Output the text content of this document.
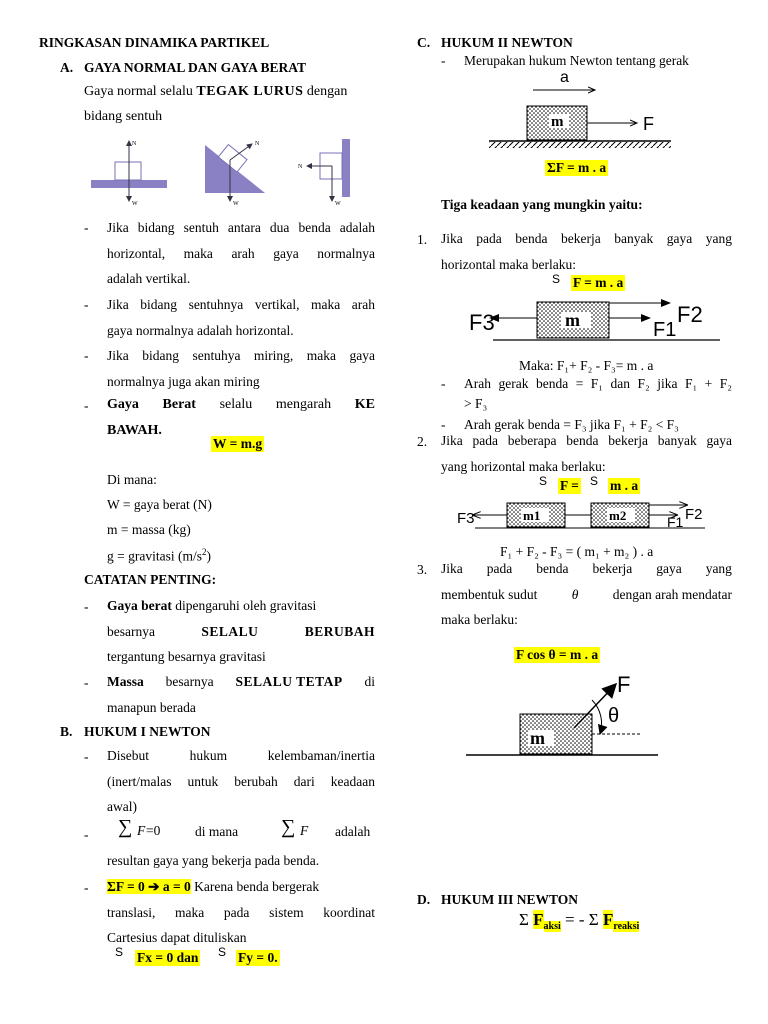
RINGKASAN DINAMIKA PARTIKEL
A. GAYA NORMAL DAN GAYA BERAT
Gaya normal selalu TEGAK LURUS dengan
bidang sentuh
N
W
N
W
N
W
- Jika bidang sentuh antara dua benda adalah
horizontal, maka arah gaya normalnya
adalah vertikal.
- Jika bidang sentuhnya vertikal, maka arah
gaya normalnya adalah horizontal.
- Jika bidang sentuhya miring, maka gaya
normalnya juga akan miring
- Gaya Berat selalu mengarah KE
BAWAH.
W = m.g
Di mana:
W = gaya berat (N)
m = massa (kg)
g = gravitasi $(m/s^2)$
CATATAN PENTING:
- Gaya berat dipengaruhi oleh gravitasi
besarnya	SELALU	BERUBAH
tergantung besarnya gravitasi
- Massa besarnya SELALU TETAP di
manapun berada
B. HUKUM I NEWTON
- Disebut	hukum	kelembaman/inertia
(inert/malas untuk berubah dari keadaan
awal)
- ∑ F =0	di mana ∑ F adalah
resultan gaya yang bekerja pada benda.
- ΣF = 0 ➔ a = 0 Karena benda bergerak
translasi, maka pada sistem koordinat
Cartesius dapat dituliskan
S Fx = 0 dan S Fy = 0.
C. HUKUM II NEWTON
- Merupakan hukum Newton tentang gerak
a
m	F
ΣF = m . a
Tiga keadaan yang mungkin yaitu:
1. Jika pada benda bekerja banyak gaya yang
horizontal maka berlaku:
S F = m . a
F3	m	F1
F2
Maka: F₁+ F₂ - F₃= m . a
- Arah gerak benda = F₁ dan F₂ jika F₁ + F₂
> F₃
- Arah gerak benda = F₃ jika F₁ + F₂ < F₃
2. Jika pada beberapa benda bekerja banyak gaya
yang horizontal maka berlaku:
S F = S m . a
F3	m1	m2	F1 F2
F₁ + F₂ - F₃ = ( m₁ + m₂ ) . a
3. Jika pada benda bekerja gaya yang
membentuk sudut	θ	dengan arah mendatar
maka berlaku:
F cos θ = m . a
m
F
θ
D. HUKUM III NEWTON
Σ $F_{aksi}$ = - Σ $F_{reaksi}$
